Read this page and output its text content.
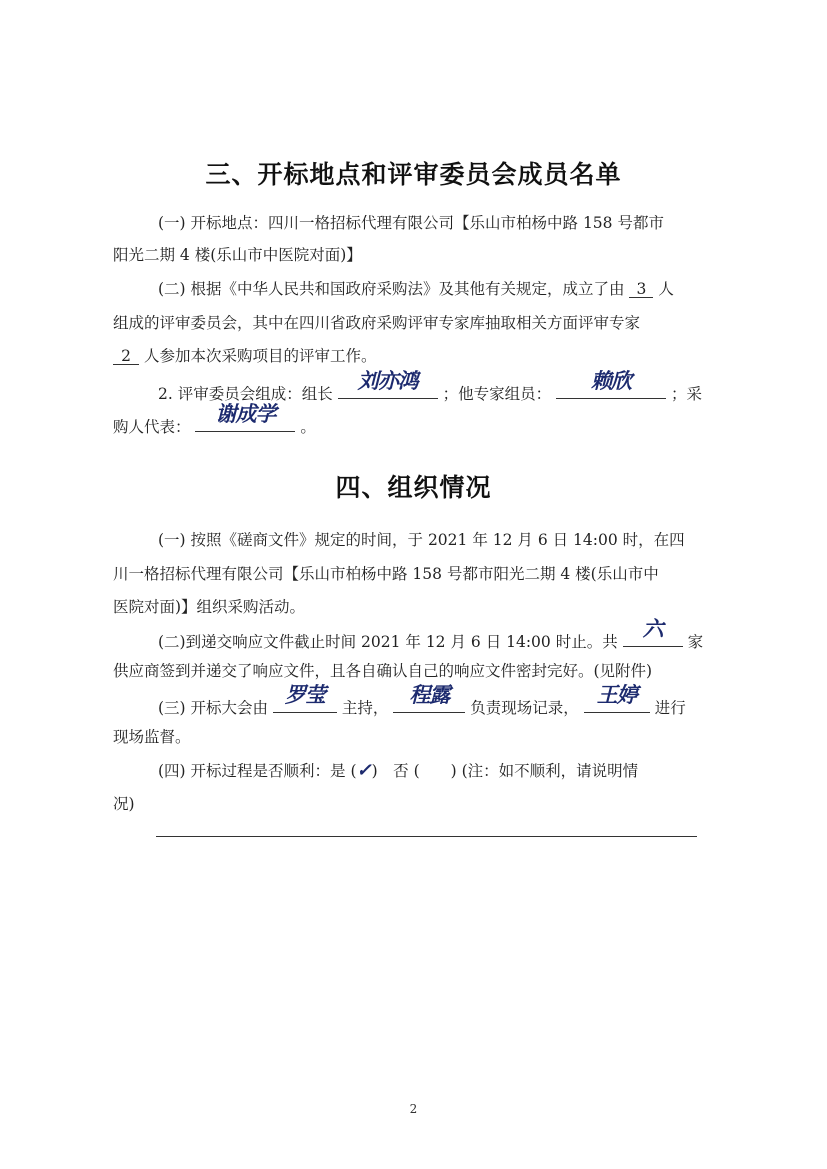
三、开标地点和评审委员会成员名单
(一) 开标地点：四川一格招标代理有限公司【乐山市柏杨中路 158 号都市
阳光二期 4 楼(乐山市中医院对面)】
(二) 根据《中华人民共和国政府采购法》及其他有关规定，成立了由 3 人
组成的评审委员会，其中在四川省政府采购评审专家库抽取相关方面评审专家
2 人参加本次采购项目的评审工作。
2. 评审委员会组成：组长
刘亦鸿
；他专家组员：
赖欣
；采
购人代表：
谢成学
。
四、组织情况
(一) 按照《磋商文件》规定的时间，于 2021 年 12 月 6 日 14:00 时，在四
川一格招标代理有限公司【乐山市柏杨中路 158 号都市阳光二期 4 楼(乐山市中
医院对面)】组织采购活动。
(二)到递交响应文件截止时间 2021 年 12 月 6 日 14:00 时止。共
六
家
供应商签到并递交了响应文件，且各自确认自己的响应文件密封完好。(见附件)
(三) 开标大会由
罗莹
主持，
程露
负责现场记录，
王婷
进行
现场监督。
(四) 开标过程是否顺利：是 (✓)　否 (　　) (注：如不顺利，请说明情
况)
2
